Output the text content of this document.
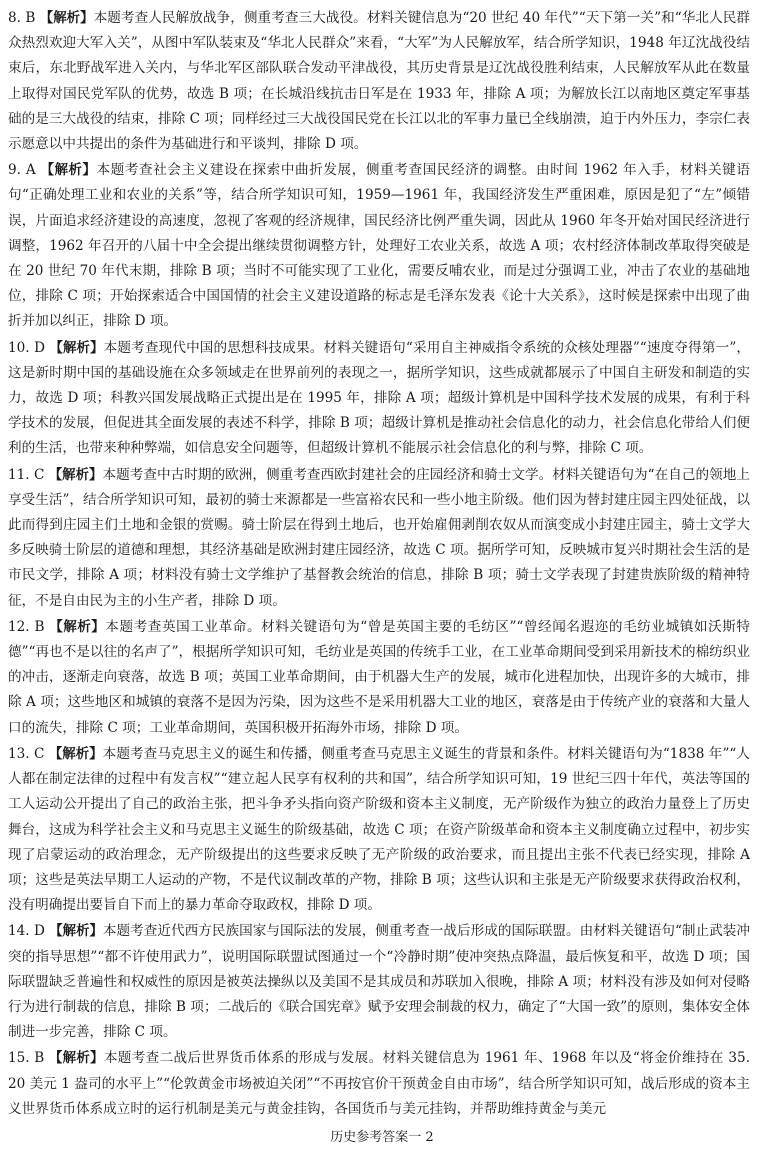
8. B 【解析】本题考查人民解放战争，侧重考查三大战役。材料关键信息为“20 世纪 40 年代”“天下第一关”和“华北人民群众热烈欢迎大军入关”，从图中军队装束及“华北人民群众”来看，“大军”为人民解放军，结合所学知识，1948 年辽沈战役结束后，东北野战军进入关内，与华北军区部队联合发动平津战役，其历史背景是辽沈战役胜利结束，人民解放军从此在数量上取得对国民党军队的优势，故选 B 项；在长城沿线抗击日军是在 1933 年，排除 A 项；为解放长江以南地区奠定军事基础的是三大战役的结束，排除 C 项；同样经过三大战役国民党在长江以北的军事力量已全线崩溃，迫于内外压力，李宗仁表示愿意以中共提出的条件为基础进行和平谈判，排除 D 项。

9. A 【解析】本题考查社会主义建设在探索中曲折发展，侧重考查国民经济的调整。由时间 1962 年入手，材料关键语句“正确处理工业和农业的关系”等，结合所学知识可知，1959—1961 年，我国经济发生严重困难，原因是犯了“左”倾错误，片面追求经济建设的高速度，忽视了客观的经济规律，国民经济比例严重失调，因此从 1960 年冬开始对国民经济进行调整，1962 年召开的八届十中全会提出继续贯彻调整方针，处理好工农业关系，故选 A 项；农村经济体制改革取得突破是在 20 世纪 70 年代末期，排除 B 项；当时不可能实现了工业化，需要反哺农业，而是过分强调工业，冲击了农业的基础地位，排除 C 项；开始探索适合中国国情的社会主义建设道路的标志是毛泽东发表《论十大关系》，这时候是探索中出现了曲折并加以纠正，排除 D 项。

10. D 【解析】本题考查现代中国的思想科技成果。材料关键语句“采用自主神威指令系统的众核处理器”“速度夺得第一”，这是新时期中国的基础设施在众多领域走在世界前列的表现之一，据所学知识，这些成就都展示了中国自主研发和制造的实力，故选 D 项；科教兴国发展战略正式提出是在 1995 年，排除 A 项；超级计算机是中国科学技术发展的成果，有利于科学技术的发展，但促进其全面发展的表述不科学，排除 B 项；超级计算机是推动社会信息化的动力，社会信息化带给人们便利的生活，也带来种种弊端，如信息安全问题等，但超级计算机不能展示社会信息化的利与弊，排除 C 项。

11. C 【解析】本题考查中古时期的欧洲，侧重考查西欧封建社会的庄园经济和骑士文学。材料关键语句为“在自己的领地上享受生活”，结合所学知识可知，最初的骑士来源都是一些富裕农民和一些小地主阶级。他们因为替封建庄园主四处征战，以此而得到庄园主们土地和金银的赏赐。骑士阶层在得到土地后，也开始雇佣剥削农奴从而演变成小封建庄园主，骑士文学大多反映骑士阶层的道德和理想，其经济基础是欧洲封建庄园经济，故选 C 项。据所学可知，反映城市复兴时期社会生活的是市民文学，排除 A 项；材料没有骑士文学维护了基督教会统治的信息，排除 B 项；骑士文学表现了封建贵族阶级的精神特征，不是自由民为主的小生产者，排除 D 项。

12. B 【解析】本题考查英国工业革命。材料关键语句为“曾是英国主要的毛纺区”“曾经闻名遐迩的毛纺业城镇如沃斯特德”“再也不是以往的名声了”，根据所学知识可知，毛纺业是英国的传统手工业，在工业革命期间受到采用新技术的棉纺织业的冲击，逐渐走向衰落，故选 B 项；英国工业革命期间，由于机器大生产的发展，城市化进程加快，出现许多的大城市，排除 A 项；这些地区和城镇的衰落不是因为污染，因为这些不是采用机器大工业的地区，衰落是由于传统产业的衰落和大量人口的流失，排除 C 项；工业革命期间，英国积极开拓海外市场，排除 D 项。

13. C 【解析】本题考查马克思主义的诞生和传播，侧重考查马克思主义诞生的背景和条件。材料关键语句为“1838 年”“人人都在制定法律的过程中有发言权”“建立起人民享有权利的共和国”，结合所学知识可知，19 世纪三四十年代，英法等国的工人运动公开提出了自己的政治主张，把斗争矛头指向资产阶级和资本主义制度，无产阶级作为独立的政治力量登上了历史舞台，这成为科学社会主义和马克思主义诞生的阶级基础，故选 C 项；在资产阶级革命和资本主义制度确立过程中，初步实现了启蒙运动的政治理念，无产阶级提出的这些要求反映了无产阶级的政治要求，而且提出主张不代表已经实现，排除 A 项；这些是英法早期工人运动的产物，不是代议制改革的产物，排除 B 项；这些认识和主张是无产阶级要求获得政治权利，没有明确提出要旨自下而上的暴力革命夺取政权，排除 D 项。

14. D 【解析】本题考查近代西方民族国家与国际法的发展，侧重考查一战后形成的国际联盟。由材料关键语句“制止武装冲突的指导思想”“都不许使用武力”，说明国际联盟试图通过一个“冷静时期”使冲突热点降温，最后恢复和平，故选 D 项；国际联盟缺乏普遍性和权威性的原因是被英法操纵以及美国不是其成员和苏联加入很晚，排除 A 项；材料没有涉及如何对侵略行为进行制裁的信息，排除 B 项；二战后的《联合国宪章》赋予安理会制裁的权力，确定了“大国一致”的原则，集体安全体制进一步完善，排除 C 项。

15. B 【解析】本题考查二战后世界货币体系的形成与发展。材料关键信息为 1961 年、1968 年以及“将金价维持在 35. 20 美元 1 盎司的水平上”“伦敦黄金市场被迫关闭”“不再按官价干预黄金自由市场”，结合所学知识可知，战后形成的资本主义世界货币体系成立时的运行机制是美元与黄金挂钩，各国货币与美元挂钩，并帮助维持黄金与美元

历史参考答案一 2
